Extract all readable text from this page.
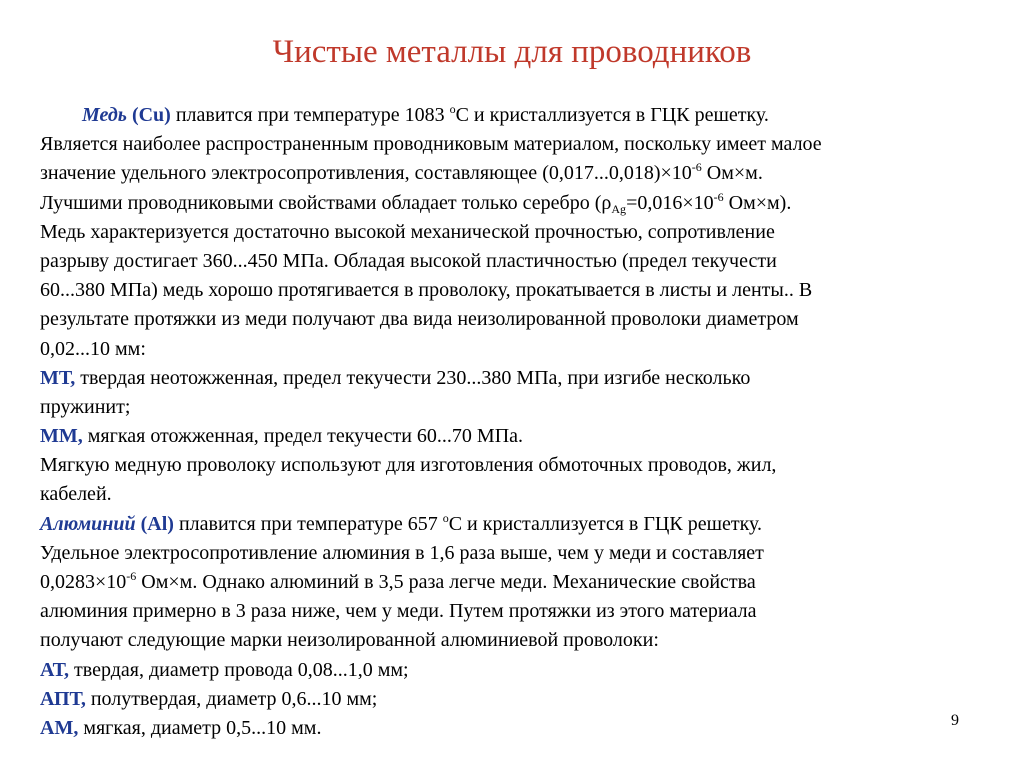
Чистые металлы для проводников
Медь (Cu) плавится при температуре 1083 $^о$С и кристаллизуется в ГЦК решетку.
Является наиболее распространенным проводниковым материалом, поскольку имеет малое
значение удельного электросопротивления, составляющее $(0,017...0,018)\times 10^{-6}$ Ом×м.
Лучшими проводниковыми свойствами обладает только серебро ($\rho_{Ag}=0,016\times 10^{-6}$ Ом×м).
Медь характеризуется достаточно высокой механической прочностью, сопротивление
разрыву достигает 360...450 МПа. Обладая высокой пластичностью (предел текучести
60...380 МПа) медь хорошо протягивается в проволоку, прокатывается в листы и ленты.. В
результате протяжки из меди получают два вида неизолированной проволоки диаметром
0,02...10 мм:
МТ, твердая неотожженная, предел текучести 230...380 МПа, при изгибе несколько
пружинит;
ММ, мягкая отожженная, предел текучести 60...70 МПа.
Мягкую медную проволоку используют для изготовления обмоточных проводов, жил,
кабелей.
Алюминий (Al) плавится при температуре 657 $^о$С и кристаллизуется в ГЦК решетку.
Удельное электросопротивление алюминия в 1,6 раза выше, чем у меди и составляет
$0,0283\times 10^{-6}$ Ом×м. Однако алюминий в 3,5 раза легче меди. Механические свойства
алюминия примерно в 3 раза ниже, чем у меди. Путем протяжки из этого материала
получают следующие марки неизолированной алюминиевой проволоки:
АТ, твердая, диаметр провода 0,08...1,0 мм;
АПТ, полутвердая, диаметр 0,6...10 мм;
АМ, мягкая, диаметр 0,5...10 мм.	9
